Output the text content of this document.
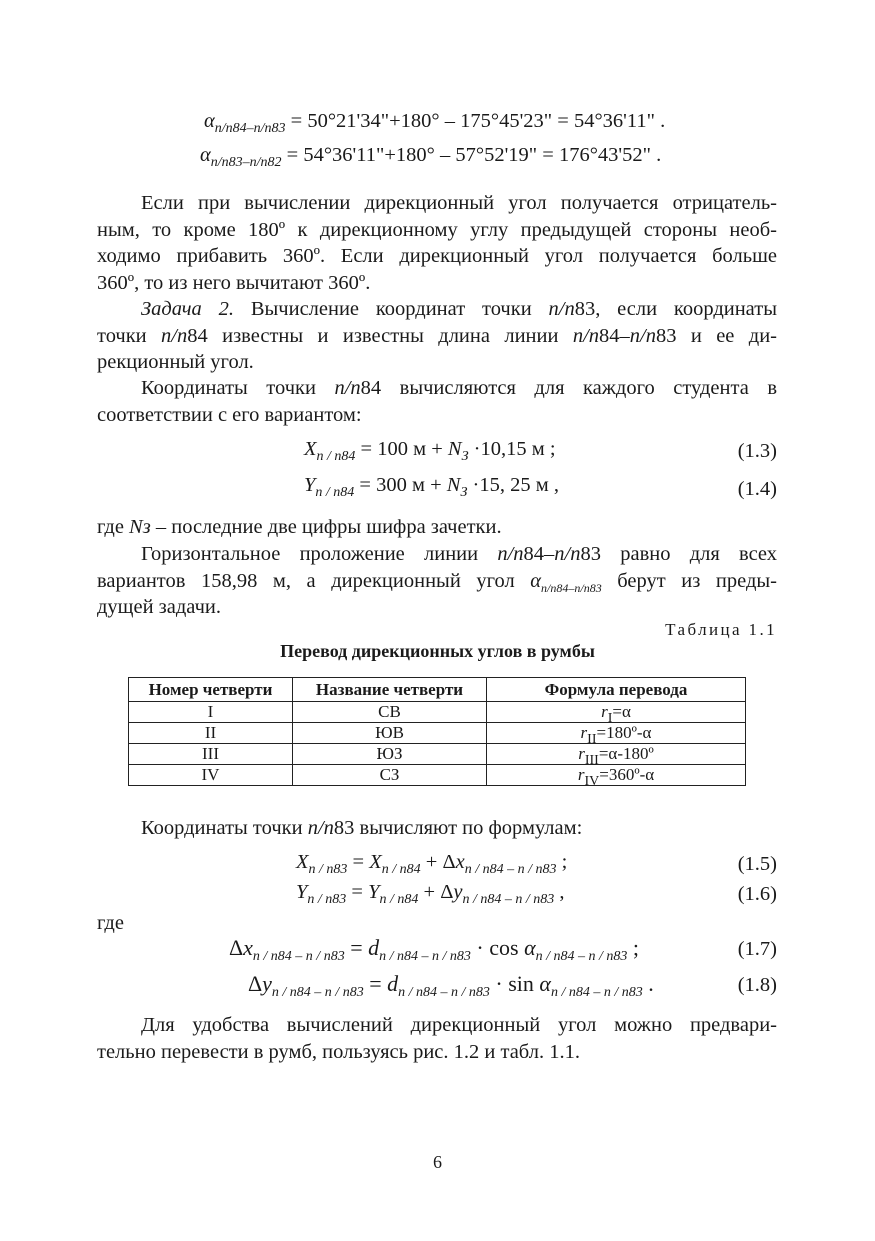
$\alpha_{n/n84-n/n83}$ = 50°21'34"+180° – 175°45'23" = 54°36'11" .
$\alpha_{n/n83-n/n82}$ = 54°36'11"+180° – 57°52'19" = 176°43'52" .
Если при вычислении дирекционный угол получается отрицатель-
ным, то кроме 180º к дирекционному углу предыдущей стороны необ-
ходимо прибавить 360º. Если дирекционный угол получается больше
360º, то из него вычитают 360º.
Задача 2. Вычисление координат точки n/n83, если координаты
точки n/n84 известны и известны длина линии n/n84–n/n83 и ее ди-
рекционный угол.
Координаты точки n/n84 вычисляются для каждого студента в
соответствии с его вариантом:
$X_{n / n84} = 100$ $м + N_З \cdot 10,15$ м ;	(1.3)
$Y_{n / n84} = 300$ $м + N_З \cdot 15$, 25 м ,	(1.4)
где Nз – последние две цифры шифра зачетки.
Горизонтальное проложение линии n/n84–n/n83 равно для всех
вариантов 158,98 м, а дирекционный угол $\alpha_{n/n84-n/n83}$ берут из преды-
дущей задачи.
Таблица 1.1
Перевод дирекционных углов в румбы
Номер четверти	Название четверти	Формула перевода
I	СВ	$r_I=\alpha$
II	ЮВ	$r_{II}=180º-\alpha$
III	ЮЗ	$r_{III}=\alpha-180º$
IV	СЗ	$r_{IV}=360º-\alpha$
Координаты точки n/n83 вычисляют по формулам:
$X_{n / n83} = X_{n / n84} + \Delta x_{n / n84 - n / n83}$ ;	(1.5)
$Y_{n / n83} = Y_{n / n84} + \Delta y_{n / n84 - n / n83}$ ,	(1.6)
где
$\Delta x_{n / n84 - n / n83} = d_{n / n84 - n / n83} \cdot \cos \alpha_{n / n84 - n / n83}$ ;	(1.7)
$\Delta y_{n / n84 - n / n83} = d_{n / n84 - n / n83} \cdot \sin \alpha_{n / n84 - n / n83}$ .	(1.8)
Для удобства вычислений дирекционный угол можно предвари-
тельно перевести в румб, пользуясь рис. 1.2 и табл. 1.1.
6
